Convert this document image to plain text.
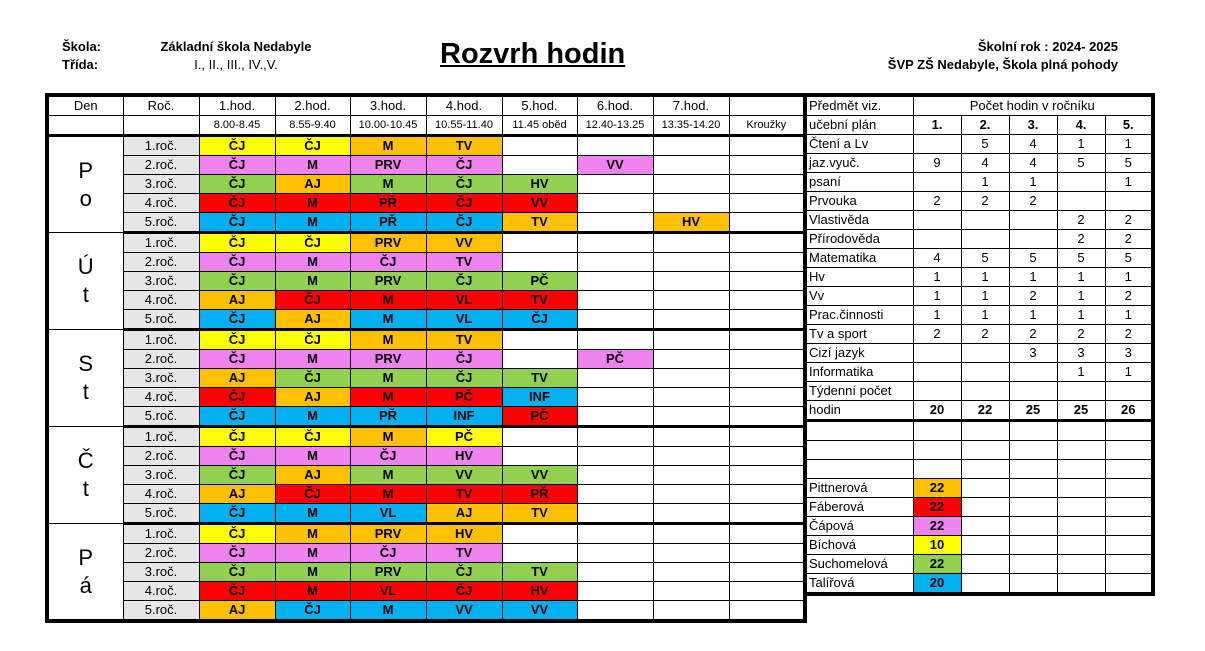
Škola:
Třída:
Základní škola Nedabyle
I., II., III., IV.,V.	Rozvrh hodin	Školní rok : 2024- 2025
ŠVP ZŠ Nedabyle, Škola plná pohody
Den	Roč.	1.hod.	2.hod.	3.hod.	4.hod.	5.hod.	6.hod.	7.hod.	
		8.00-8.45	8.55-9.40	10.00-10.45	10.55-11.40	11.45 oběd	12.40-13.25	13.35-14.20	Kroužky

P
o	1.roč.	ČJ	ČJ	M	TV				
	2.roč.	ČJ	M	PRV	ČJ		VV		
	3.roč.	ČJ	AJ	M	ČJ	HV			
	4.roč.	ČJ	M	PŘ	ČJ	VV			
	5.roč.	ČJ	M	PŘ	ČJ	TV		HV	

Ú
t	1.roč.	ČJ	ČJ	PRV	VV				
	2.roč.	ČJ	M	ČJ	TV				
	3.roč.	ČJ	M	PRV	ČJ	PČ			
	4.roč.	AJ	ČJ	M	VL	TV			
	5.roč.	ČJ	AJ	M	VL	ČJ			

S
t	1.roč.	ČJ	ČJ	M	TV				
	2.roč.	ČJ	M	PRV	ČJ		PČ		
	3.roč.	AJ	ČJ	M	ČJ	TV			
	4.roč.	ČJ	AJ	M	PČ	INF			
	5.roč.	ČJ	M	PŘ	INF	PČ			

Č
t	1.roč.	ČJ	ČJ	M	PČ				
	2.roč.	ČJ	M	ČJ	HV				
	3.roč.	ČJ	AJ	M	VV	VV			
	4.roč.	AJ	ČJ	M	TV	PŘ			
	5.roč.	ČJ	M	VL	AJ	TV			

P
á	1.roč.	ČJ	M	PRV	HV				
	2.roč.	ČJ	M	ČJ	TV				
	3.roč.	ČJ	M	PRV	ČJ	TV			
	4.roč.	ČJ	M	VL	ČJ	HV			
	5.roč.	AJ	ČJ	M	VV	VV			
Předmět viz.	Počet hodin v ročníku				
učební plán	1.	2.	3.	4.	5.
Čtení a Lv		5	4	1	1
jaz.vyuč.	9	4	4	5	5
psaní		1	1		1
Prvouka	2	2	2		
Vlastivěda				2	2
Přírodověda				2	2
Matematika	4	5	5	5	5
Hv	1	1	1	1	1
Vv	1	1	2	1	2
Prac.činnosti	1	1	1	1	1
Tv a sport	2	2	2	2	2
Cizí jazyk			3	3	3
Informatika				1	1
Týdenní počet					
hodin	20	22	25	25	26

Pittnerová	22				
Fáberová	22				
Čápová	22				
Bíchová	10				
Suchomelová	22				
Talířová	20				
